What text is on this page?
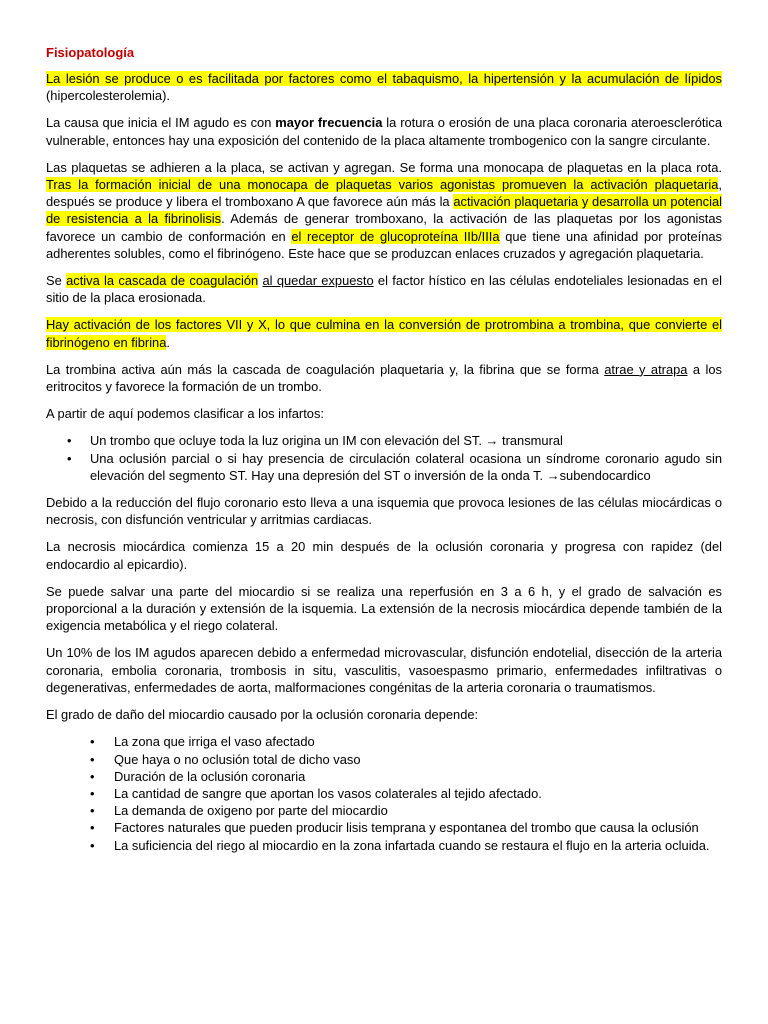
Fisiopatología

La lesión se produce o es facilitada por factores como el tabaquismo, la hipertensión y la acumulación de lípidos (hipercolesterolemia).

La causa que inicia el IM agudo es con mayor frecuencia la rotura o erosión de una placa coronaria ateroesclerótica vulnerable, entonces hay una exposición del contenido de la placa altamente trombogenico con la sangre circulante.

Las plaquetas se adhieren a la placa, se activan y agregan. Se forma una monocapa de plaquetas en la placa rota. Tras la formación inicial de una monocapa de plaquetas varios agonistas promueven la activación plaquetaria, después se produce y libera el tromboxano A que favorece aún más la activación plaquetaria y desarrolla un potencial de resistencia a la fibrinolisis. Además de generar tromboxano, la activación de las plaquetas por los agonistas favorece un cambio de conformación en el receptor de glucoproteína IIb/IIIa que tiene una afinidad por proteínas adherentes solubles, como el fibrinógeno. Este hace que se produzcan enlaces cruzados y agregación plaquetaria.

Se activa la cascada de coagulación al quedar expuesto el factor hístico en las células endoteliales lesionadas en el sitio de la placa erosionada.

Hay activación de los factores VII y X, lo que culmina en la conversión de protrombina a trombina, que convierte el fibrinógeno en fibrina.

La trombina activa aún más la cascada de coagulación plaquetaria y, la fibrina que se forma atrae y atrapa a los eritrocitos y favorece la formación de un trombo.

A partir de aquí podemos clasificar a los infartos:

• Un trombo que ocluye toda la luz origina un IM con elevación del ST. → transmural
• Una oclusión parcial o si hay presencia de circulación colateral ocasiona un síndrome coronario agudo sin elevación del segmento ST. Hay una depresión del ST o inversión de la onda T. →subendocardico

Debido a la reducción del flujo coronario esto lleva a una isquemia que provoca lesiones de las células miocárdicas o necrosis, con disfunción ventricular y arritmias cardiacas.

La necrosis miocárdica comienza 15 a 20 min después de la oclusión coronaria y progresa con rapidez (del endocardio al epicardio).

Se puede salvar una parte del miocardio si se realiza una reperfusión en 3 a 6 h, y el grado de salvación es proporcional a la duración y extensión de la isquemia. La extensión de la necrosis miocárdica depende también de la exigencia metabólica y el riego colateral.

Un 10% de los IM agudos aparecen debido a enfermedad microvascular, disfunción endotelial, disección de la arteria coronaria, embolia coronaria, trombosis in situ, vasculitis, vasoespasmo primario, enfermedades infiltrativas o degenerativas, enfermedades de aorta, malformaciones congénitas de la arteria coronaria o traumatismos.

El grado de daño del miocardio causado por la oclusión coronaria depende:

• La zona que irriga el vaso afectado
• Que haya o no oclusión total de dicho vaso
• Duración de la oclusión coronaria
• La cantidad de sangre que aportan los vasos colaterales al tejido afectado.
• La demanda de oxigeno por parte del miocardio
• Factores naturales que pueden producir lisis temprana y espontanea del trombo que causa la oclusión
• La suficiencia del riego al miocardio en la zona infartada cuando se restaura el flujo en la arteria ocluida.
